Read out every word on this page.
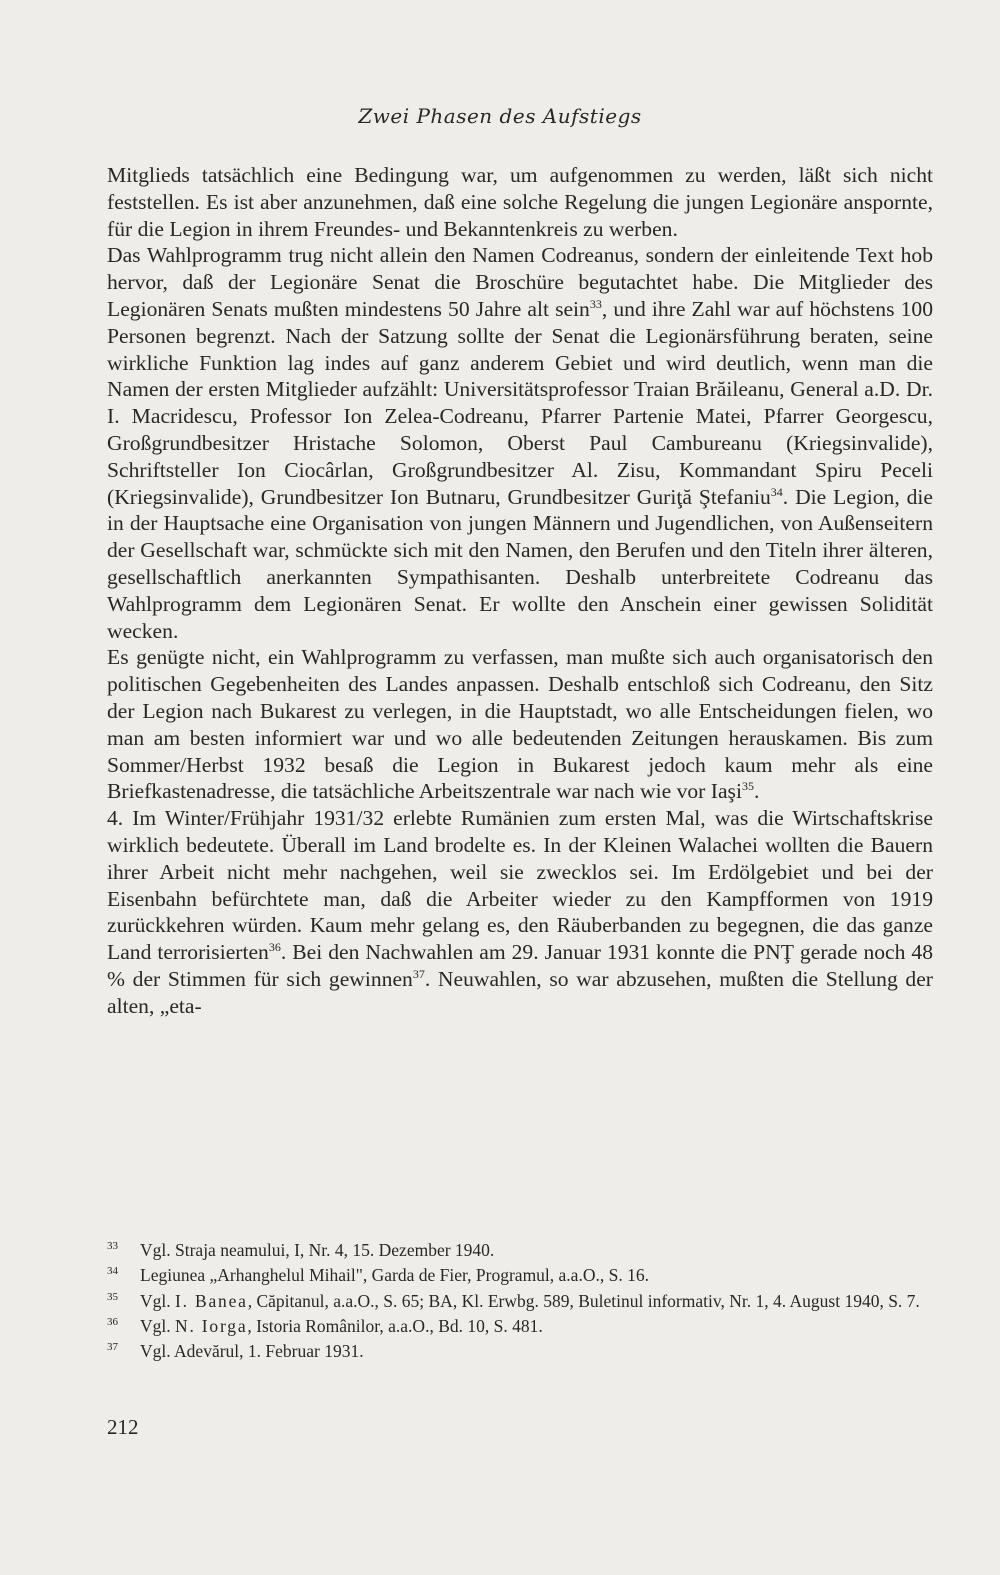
Zwei Phasen des Aufstiegs

Mitglieds tatsächlich eine Bedingung war, um aufgenommen zu werden, läßt sich nicht feststellen. Es ist aber anzunehmen, daß eine solche Regelung die jungen Legionäre anspornte, für die Legion in ihrem Freundes- und Bekanntenkreis zu werben.

Das Wahlprogramm trug nicht allein den Namen Codreanus, sondern der einleitende Text hob hervor, daß der Legionäre Senat die Broschüre begutachtet habe. Die Mitglieder des Legionären Senats mußten mindestens 50 Jahre alt sein$^{33}$, und ihre Zahl war auf höchstens 100 Personen begrenzt. Nach der Satzung sollte der Senat die Legionärsführung beraten, seine wirkliche Funktion lag indes auf ganz anderem Gebiet und wird deutlich, wenn man die Namen der ersten Mitglieder aufzählt: Universitätsprofessor Traian Brăileanu, General a.D. Dr. I. Macridescu, Professor Ion Zelea-Codreanu, Pfarrer Partenie Matei, Pfarrer Georgescu, Großgrundbesitzer Hristache Solomon, Oberst Paul Cambureanu (Kriegsinvalide), Schriftsteller Ion Ciocârlan, Großgrundbesitzer Al. Zisu, Kommandant Spiru Peceli (Kriegsinvalide), Grundbesitzer Ion Butnaru, Grundbesitzer Guriţă Ştefaniu$^{34}$. Die Legion, die in der Hauptsache eine Organisation von jungen Männern und Jugendlichen, von Außenseitern der Gesellschaft war, schmückte sich mit den Namen, den Berufen und den Titeln ihrer älteren, gesellschaftlich anerkannten Sympathisanten. Deshalb unterbreitete Codreanu das Wahlprogramm dem Legionären Senat. Er wollte den Anschein einer gewissen Solidität wecken.

Es genügte nicht, ein Wahlprogramm zu verfassen, man mußte sich auch organisatorisch den politischen Gegebenheiten des Landes anpassen. Deshalb entschloß sich Codreanu, den Sitz der Legion nach Bukarest zu verlegen, in die Hauptstadt, wo alle Entscheidungen fielen, wo man am besten informiert war und wo alle bedeutenden Zeitungen herauskamen. Bis zum Sommer/Herbst 1932 besaß die Legion in Bukarest jedoch kaum mehr als eine Briefkastenadresse, die tatsächliche Arbeitszentrale war nach wie vor Iaşi$^{35}$.

4. Im Winter/Frühjahr 1931/32 erlebte Rumänien zum ersten Mal, was die Wirtschaftskrise wirklich bedeutete. Überall im Land brodelte es. In der Kleinen Walachei wollten die Bauern ihrer Arbeit nicht mehr nachgehen, weil sie zwecklos sei. Im Erdölgebiet und bei der Eisenbahn befürchtete man, daß die Arbeiter wieder zu den Kampfformen von 1919 zurückkehren würden. Kaum mehr gelang es, den Räuberbanden zu begegnen, die das ganze Land terrorisierten$^{36}$. Bei den Nachwahlen am 29. Januar 1931 konnte die PNŢ gerade noch 48 % der Stimmen für sich gewinnen$^{37}$. Neuwahlen, so war abzusehen, mußten die Stellung der alten, „eta-

33 Vgl. Straja neamului, I, Nr. 4, 15. Dezember 1940.

34 Legiunea „Arhanghelul Mihail", Garda de Fier, Programul, a.a.O., S. 16.

35 Vgl. I. Banea, Căpitanul, a.a.O., S. 65; BA, Kl. Erwbg. 589, Buletinul informativ, Nr. 1, 4. August 1940, S. 7.

36 Vgl. N. Iorga, Istoria Românilor, a.a.O., Bd. 10, S. 481.

37 Vgl. Adevărul, 1. Februar 1931.

212
